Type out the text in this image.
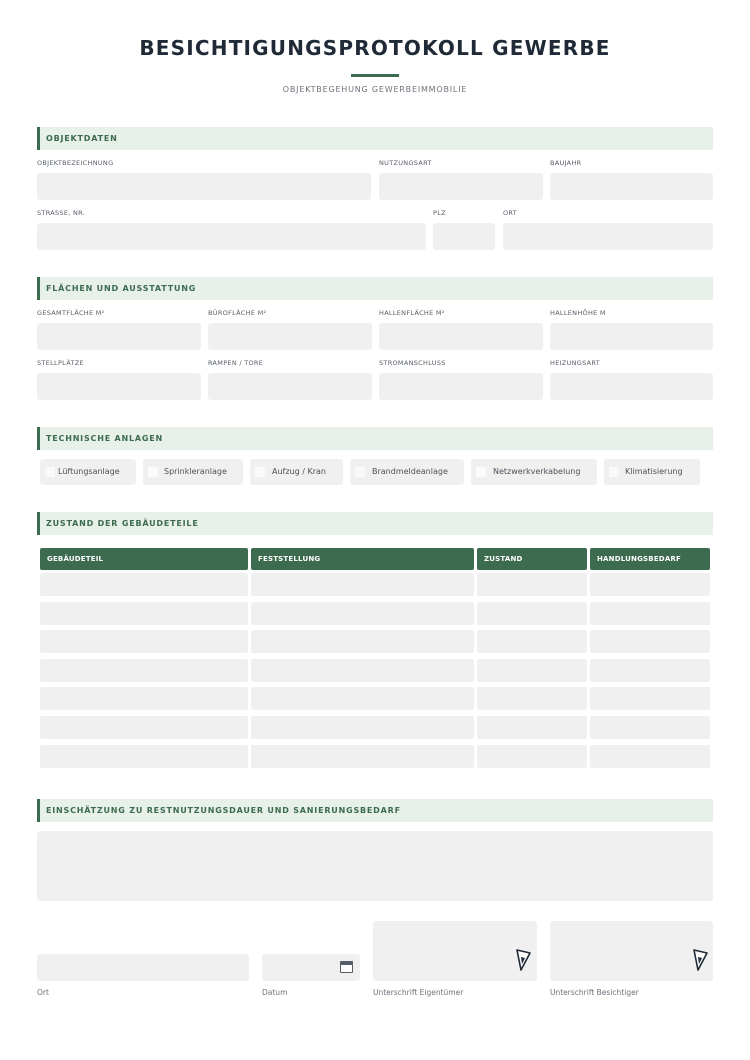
BESICHTIGUNGSPROTOKOLL GEWERBE
OBJEKTBEGEHUNG GEWERBEIMMOBILIE
OBJEKTDATEN
OBJEKTBEZEICHNUNG	NUTZUNGSART	BAUJAHR
STRASSE, NR.	PLZ	ORT
FLÄCHEN UND AUSSTATTUNG
GESAMTFLÄCHE M²	BÜROFLÄCHE M²	HALLENFLÄCHE M²	HALLENHÖHE M
STELLPLÄTZE	RAMPEN / TORE	STROMANSCHLUSS	HEIZUNGSART
TECHNISCHE ANLAGEN
Lüftungsanlage	Sprinkleranlage	Aufzug / Kran	Brandmeldeanlage	Netzwerkverkabelung	Klimatisierung
ZUSTAND DER GEBÄUDETEILE
GEBÄUDETEIL	FESTSTELLUNG	ZUSTAND	HANDLUNGSBEDARF
EINSCHÄTZUNG ZU RESTNUTZUNGSDAUER UND SANIERUNGSBEDARF
Ort	Datum	Unterschrift Eigentümer	Unterschrift Besichtiger
